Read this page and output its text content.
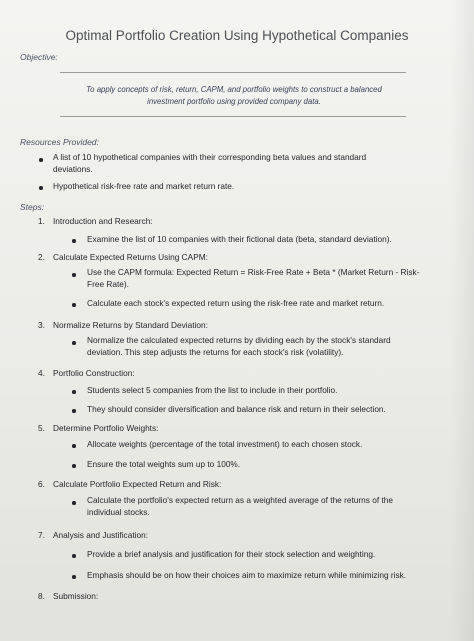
Optimal Portfolio Creation Using Hypothetical Companies
Objective:
To apply concepts of risk, return, CAPM, and portfolio weights to construct a balanced
investment portfolio using provided company data.
Resources Provided:
A list of 10 hypothetical companies with their corresponding beta values and standard
deviations.
Hypothetical risk-free rate and market return rate.
Steps:
1. Introduction and Research:
Examine the list of 10 companies with their fictional data (beta, standard deviation).
2. Calculate Expected Returns Using CAPM:
Use the CAPM formula: Expected Return = Risk-Free Rate + Beta * (Market Return - Risk-
Free Rate).
Calculate each stock's expected return using the risk-free rate and market return.
3. Normalize Returns by Standard Deviation:
Normalize the calculated expected returns by dividing each by the stock's standard
deviation. This step adjusts the returns for each stock's risk (volatility).
4. Portfolio Construction:
Students select 5 companies from the list to include in their portfolio.
They should consider diversification and balance risk and return in their selection.
5. Determine Portfolio Weights:
Allocate weights (percentage of the total investment) to each chosen stock.
Ensure the total weights sum up to 100%.
6. Calculate Portfolio Expected Return and Risk:
Calculate the portfolio's expected return as a weighted average of the returns of the
individual stocks.
7. Analysis and Justification:
Provide a brief analysis and justification for their stock selection and weighting.
Emphasis should be on how their choices aim to maximize return while minimizing risk.
8. Submission:
